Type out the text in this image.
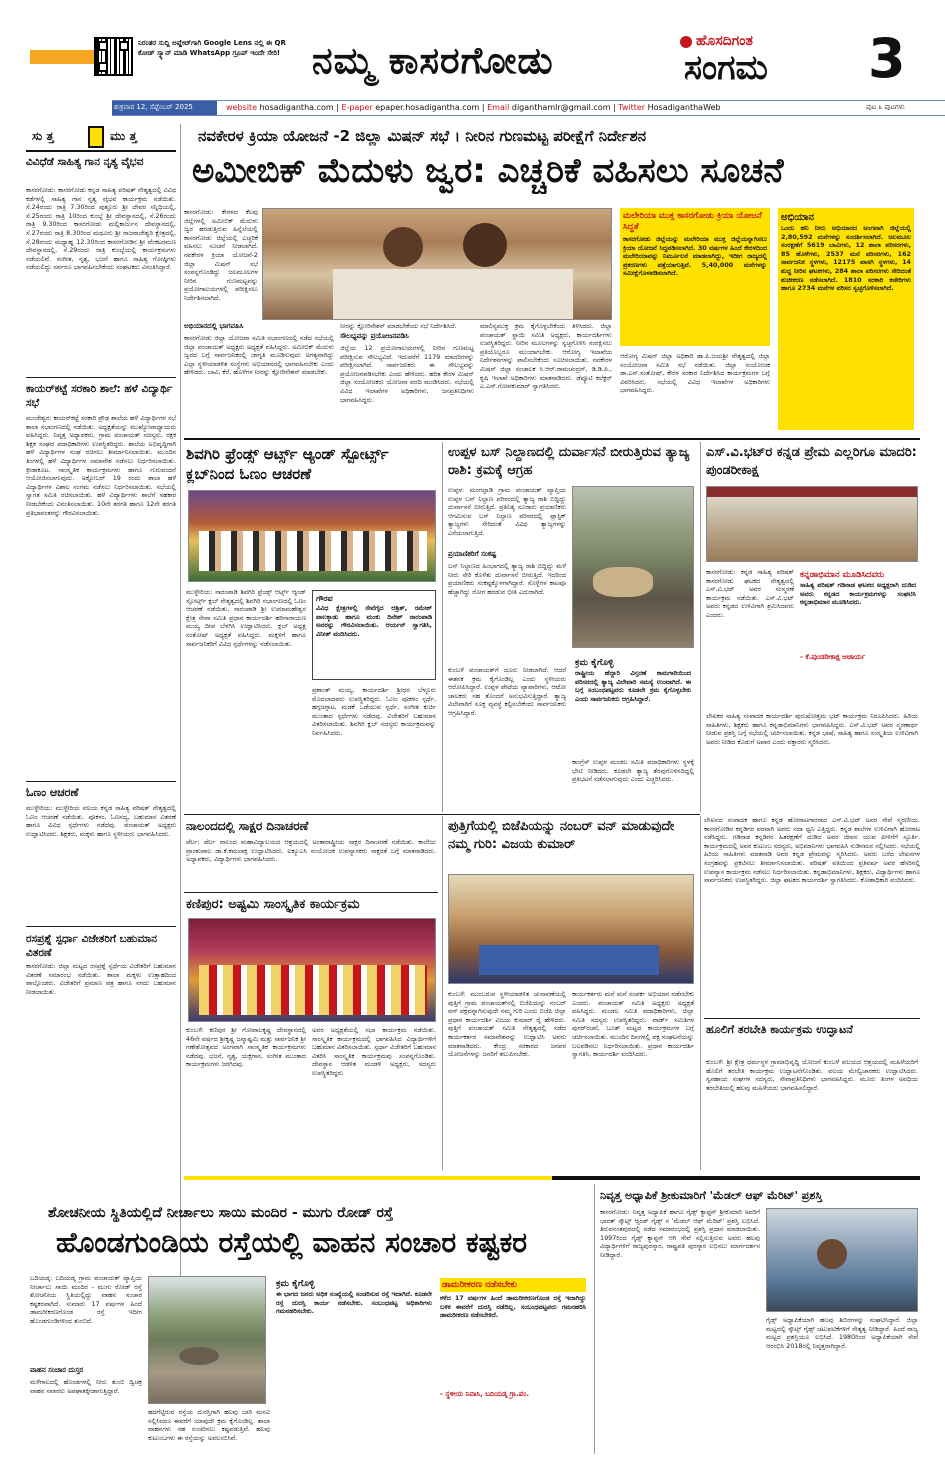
ನಿರಂತರ ಸುದ್ದಿ ಅಪ್ಡೇಟ್‌ಗಾಗಿ Google Lens ನಲ್ಲಿ ಈ QR ಕೋಡ್ ಸ್ಕ್ಯಾನ್ ಮಾಡಿ WhatsApp ಗ್ರೂಪ್ ಇಂದೇ ಸೇರಿ! ನಮ್ಮ ಕಾಸರಗೋಡು	ಹೊಸದಿಗಂತ
ಸಂಗಮ 3
ಶುಕ್ರವಾರ 12, ಸೆಪ್ಟೆಂಬರ್ 2025	website hosadigantha.com | E-paper epaper.hosadigantha.com | Email diganthamlr@gmail.com | Twitter HosadiganthaWeb	ಪುಟ ೩ ಪುಟಗಳು
ಸು ತ್ತ	ಮು ತ್ತ
ವಿವಿಧೆಡೆ ಸಾಹಿತ್ಯ ಗಾನ ನೃತ್ಯ ವೈಭವ
ಕಾಸರಗೋಡು: ಕಾಸರಗೋಡು ಕನ್ನಡ ಸಾಹಿತ್ಯ ಪರಿಷತ್ ನೇತೃತ್ವದಲ್ಲಿ ವಿವಿಧ ಕಡೆಗಳಲ್ಲಿ ಸಾಹಿತ್ಯ ಗಾನ ನೃತ್ಯ ವೈಭವ ಕಾರ್ಯಕ್ರಮ ನಡೆಯಿತು. ಸೆ.24ರಂದು ರಾತ್ರಿ 7.30ರಿಂದ ಪುತ್ತೂರು ಶ್ರೀ ದೇವರ ಸನ್ನಿಧಿಯಲ್ಲಿ, ಸೆ.25ರಂದು ರಾತ್ರಿ 10ರಿಂದ ಕುಂಬ್ಳೆ ಶ್ರೀ ದೇವಸ್ಥಾನದಲ್ಲಿ, ಸೆ.26ರಂದು ರಾತ್ರಿ 9.30ರಿಂದ ಕಾಸರಗೋಡು ಮಲ್ಲಿಕಾರ್ಜುನ ದೇವಸ್ಥಾನದಲ್ಲಿ, ಸೆ.27ರಂದು ರಾತ್ರಿ 8.30ರಿಂದ ಮಧೂರು ಶ್ರೀ ರಾಜರಾಜೇಶ್ವರಿ ಕ್ಷೇತ್ರದಲ್ಲಿ, ಸೆ.28ರಂದು ಮಧ್ಯಾಹ್ನ 12.30ರಿಂದ ಕಾಸರಗೋಡಿನ ಶ್ರೀ ವೆಂಕಟರಮಣ ದೇವಸ್ಥಾನದಲ್ಲಿ, ಸೆ.29ರಂದು ರಾತ್ರಿ ಕುಂಬ್ಳೆಯಲ್ಲಿ ಕಾರ್ಯಕ್ರಮಗಳು ನಡೆಯಲಿವೆ. ಸಂಗೀತ, ನೃತ್ಯ, ಭಜನೆ ಹಾಗೂ ಸಾಹಿತ್ಯ ಗೋಷ್ಠಿಗಳು ನಡೆಯಲಿದ್ದು ಸರ್ವರೂ ಭಾಗವಹಿಸಬೇಕೆಂದು ಸಂಘಟಕರು ವಿನಂತಿಸಿದ್ದಾರೆ.
ಕಾಯರ್‌ಕಟ್ಟೆ ಸರಕಾರಿ ಶಾಲೆ: ಹಳೆ ವಿದ್ಯಾರ್ಥಿ ಸಭೆ
ಮಂಜೇಶ್ವರ: ಕಾಯರ್‌ಕಟ್ಟೆ ಸರಕಾರಿ ಪ್ರೌಢ ಶಾಲೆಯ ಹಳೆ ವಿದ್ಯಾರ್ಥಿಗಳ ಸಭೆ ಶಾಲಾ ಸಭಾಂಗಣದಲ್ಲಿ ನಡೆಯಿತು. ಅಧ್ಯಕ್ಷತೆಯನ್ನು ಮುಖ್ಯೋಪಾಧ್ಯಾಯರು ವಹಿಸಿದ್ದರು. ನಿವೃತ್ತ ಅಧ್ಯಾಪಕರು, ಗ್ರಾಮ ಪಂಚಾಯತ್ ಸದಸ್ಯರು, ರಕ್ಷಕ ಶಿಕ್ಷಕ ಸಂಘದ ಪದಾಧಿಕಾರಿಗಳು ಉಪಸ್ಥಿತರಿದ್ದರು. ಶಾಲೆಯ ಅಭಿವೃದ್ಧಿಗಾಗಿ ಹಳೆ ವಿದ್ಯಾರ್ಥಿಗಳ ಸಂಘ ರಚಿಸಲು ತೀರ್ಮಾನಿಸಲಾಯಿತು. ಮುಂದಿನ ತಿಂಗಳಲ್ಲಿ ಹಳೆ ವಿದ್ಯಾರ್ಥಿಗಳ ಸಮಾವೇಶ ನಡೆಸಲು ನಿರ್ಧರಿಸಲಾಯಿತು. ಕ್ರೀಡಾಕೂಟ, ಸಾಂಸ್ಕೃತಿಕ ಕಾರ್ಯಕ್ರಮಗಳು ಹಾಗೂ ಗುರುವಂದನೆ ಆಯೋಜಿಸಲಾಗುವುದು. ಅಕ್ಟೋಬರ್ 19 ರಂದು ಶಾಲಾ ಹಳೆ ವಿದ್ಯಾರ್ಥಿಗಳ ವಿಶಾಲ ಸಂಗಮ ನಡೆಸಲು ನಿರ್ಧರಿಸಲಾಯಿತು. ಸಭೆಯಲ್ಲಿ ಸ್ವಾಗತ ಸಮಿತಿ ರಚಿಸಲಾಯಿತು. ಹಳೆ ವಿದ್ಯಾರ್ಥಿಗಳು ಶಾಲೆಗೆ ಸಹಕಾರ ನೀಡಬೇಕೆಂದು ವಿನಂತಿಸಲಾಯಿತು. 10ನೇ ತರಗತಿ ಹಾಗೂ 12ನೇ ತರಗತಿ ಪ್ರತಿಭಾವಂತರನ್ನು ಗೌರವಿಸಲಾಯಿತು.
ಓಣಂ ಆಚರಣೆ
ಮುಳ್ಳೇರಿಯ: ಮುಳ್ಳೇರಿಯ ವಲಯ ಕನ್ನಡ ಸಾಹಿತ್ಯ ಪರಿಷತ್ ನೇತೃತ್ವದಲ್ಲಿ ಓಣಂ ಆಚರಣೆ ನಡೆಯಿತು. ಪೂಕಳಂ, ಓಣಸದ್ಯ, ಬಹುಮಾನ ವಿತರಣೆ ಹಾಗೂ ವಿವಿಧ ಸ್ಪರ್ಧೆಗಳು ನಡೆದವು. ಪಂಚಾಯತ್ ಅಧ್ಯಕ್ಷರು ಉದ್ಘಾಟಿಸಿದರು. ಶಿಕ್ಷಕರು, ಮಕ್ಕಳು ಹಾಗೂ ಸ್ಥಳೀಯರು ಭಾಗವಹಿಸಿದರು.
ರಸಪ್ರಶ್ನೆ ಸ್ಪರ್ಧಾ ವಿಜೇತರಿಗೆ ಬಹುಮಾನ ವಿತರಣೆ
ಕಾಸರಗೋಡು: ಜಿಲ್ಲಾ ಮಟ್ಟದ ರಸಪ್ರಶ್ನೆ ಸ್ಪರ್ಧೆಯ ವಿಜೇತರಿಗೆ ಬಹುಮಾನ ವಿತರಣೆ ಸಮಾರಂಭ ನಡೆಯಿತು. ಶಾಲಾ ಮಕ್ಕಳು ಉತ್ಸಾಹದಿಂದ ಪಾಲ್ಗೊಂಡರು. ವಿಜೇತರಿಗೆ ಪ್ರಮಾಣ ಪತ್ರ ಹಾಗೂ ನಗದು ಬಹುಮಾನ ನೀಡಲಾಯಿತು.
ನವಕೇರಳ ಕ್ರಿಯಾ ಯೋಜನೆ -2 ಜಿಲ್ಲಾ ಮಿಷನ್ ಸಭೆ । ನೀರಿನ ಗುಣಮಟ್ಟ ಪರೀಕ್ಷೆಗೆ ನಿರ್ದೇಶನ
ಅಮೀಬಿಕ್ ಮೆದುಳು ಜ್ವರ: ಎಚ್ಚರಿಕೆ ವಹಿಸಲು ಸೂಚನೆ
ಕಾಸರಗೋಡು: ಕೇರಳದ ಕೆಲವು ಜಿಲ್ಲೆಗಳಲ್ಲಿ ಅಮೀಬಿಕ್ ಮೆದುಳು ಜ್ವರ ಹರಡುತ್ತಿರುವ ಹಿನ್ನೆಲೆಯಲ್ಲಿ ಕಾಸರಗೋಡು ಜಿಲ್ಲೆಯಲ್ಲಿ ಎಚ್ಚರಿಕೆ ವಹಿಸಲು ಸೂಚನೆ ನೀಡಲಾಗಿದೆ. ನವಕೇರಳ ಕ್ರಿಯಾ ಯೋಜನೆ-2 ಜಿಲ್ಲಾ ಮಿಷನ್ ಸಭೆ ಸಂಪನ್ನಗೊಂಡಿದ್ದು ಜಲಮೂಲಗಳ ನೀರಿನ ಗುಣಮಟ್ಟವನ್ನು ಪ್ರಯೋಗಾಲಯಗಳಲ್ಲಿ ಪರೀಕ್ಷಿಸಲು ನಿರ್ದೇಶಿಸಲಾಗಿದೆ.
ಅಭಿಯಾನದಲ್ಲಿ ಭಾಗವಹಿಸಿ
ಕಾಸರಗೋಡು ಜಿಲ್ಲಾ ಯೋಜನಾ ಸಮಿತಿ ಸಭಾಂಗಣದಲ್ಲಿ ನಡೆದ ಸಭೆಯಲ್ಲಿ ಜಿಲ್ಲಾ ಪಂಚಾಯತ್ ಅಧ್ಯಕ್ಷರು ಅಧ್ಯಕ್ಷತೆ ವಹಿಸಿದ್ದರು. ಅಮೀಬಿಕ್ ಮೆದುಳು ಜ್ವರದ ಬಗ್ಗೆ ಸಾರ್ವಜನಿಕರಲ್ಲಿ ಜಾಗೃತಿ ಮೂಡಿಸುವುದು ಅಗತ್ಯವಾಗಿದ್ದು ಎಲ್ಲಾ ಸ್ಥಳೀಯಾಡಳಿತ ಸಂಸ್ಥೆಗಳು ಅಭಿಯಾನದಲ್ಲಿ ಭಾಗವಹಿಸಬೇಕು ಎಂದು ಹೇಳಿದರು. ಬಾವಿ, ಕೆರೆ, ಹೊಳೆಗಳ ನೀರನ್ನು ಕ್ಲೋರಿನೇಶನ್ ಮಾಡಬೇಕು.
ನೀರನ್ನು ಕ್ಲೋರಿನೇಶನ್ ಮಾಡಬೇಕೆಂದು ಸಭೆ ನಿರ್ದೇಶಿಸಿದೆ.
ಸೌಲಭ್ಯವನ್ನು ಪ್ರಯೋಜನಪಡಿಸಿ
ಜಿಲ್ಲೆಯ 12 ಪ್ರಯೋಗಾಲಯಗಳಲ್ಲಿ ನೀರಿನ ಗುಣಮಟ್ಟ ಪರೀಕ್ಷಿಸುವ ಸೌಲಭ್ಯವಿದೆ. ಇದುವರೆಗೆ 1179 ಮಾದರಿಗಳನ್ನು ಪರೀಕ್ಷಿಸಲಾಗಿದೆ. ಸಾರ್ವಜನಿಕರು ಈ ಸೌಲಭ್ಯವನ್ನು ಪ್ರಯೋಜನಪಡಿಸಬೇಕು ಎಂದು ಹೇಳಿದರು. ಹರಿತ ಕೇರಳ ಮಿಷನ್ ಜಿಲ್ಲಾ ಸಂಯೋಜಕರು ಯೋಜನಾ ವರದಿ ಮಂಡಿಸಿದರು. ಸಭೆಯಲ್ಲಿ ವಿವಿಧ ಇಲಾಖೆಗಳ ಅಧಿಕಾರಿಗಳು, ಜನಪ್ರತಿನಿಧಿಗಳು ಭಾಗವಹಿಸಿದ್ದರು.
ಮಾಲಿನ್ಯಮುಕ್ತ ಕ್ರಮ ಕೈಗೊಳ್ಳಬೇಕೆಂದು ತಿಳಿಸಿದರು. ಜಿಲ್ಲಾ ಪಂಚಾಯತ್ ಸ್ಥಾಯಿ ಸಮಿತಿ ಅಧ್ಯಕ್ಷರು, ಕಾರ್ಯದರ್ಶಿಗಳು ಉಪಸ್ಥಿತರಿದ್ದರು. ನೀರಿನ ಮೂಲಗಳನ್ನು ಸ್ವಚ್ಛಗೊಳಿಸಿ ಸಂರಕ್ಷಿಸಲು ಪ್ರತಿಯೊಬ್ಬರೂ ಮುಂದಾಗಬೇಕು. ಆರೋಗ್ಯ ಇಲಾಖೆಯ ನಿರ್ದೇಶನಗಳನ್ನು ಪಾಲಿಸಬೇಕೆಂದು ಸೂಚಿಸಲಾಯಿತು. ನವಕೇರಳ ಮಿಷನ್ ಜಿಲ್ಲಾ ಸಂಚಾಲಕ ಸಿ.ಆರ್.ರಾಮಚಂದ್ರನ್, ಡಿ.ಡಿ.ಪಿ., ಕೃಷಿ ಇಲಾಖೆ ಅಧಿಕಾರಿಗಳು ಮಾತನಾಡಿದರು. ಡೆಪ್ಯೂಟಿ ಕಲೆಕ್ಟರ್ ಎ.ಎನ್.ಗೋಪಕುಮಾರ್ ಸ್ವಾಗತಿಸಿದರು.
ಮಲೇರಿಯಾ ಮುಕ್ತ ಕಾಸರಗೋಡು ಕ್ರಿಯಾ ಯೋಜನೆ ಸಿದ್ಧತೆ
ಕಾಸರಗೋಡು ಜಿಲ್ಲೆಯನ್ನು ಮಲೇರಿಯಾ ಮುಕ್ತ ಜಿಲ್ಲೆಯನ್ನಾಗಿಸಲು ಕ್ರಿಯಾ ಯೋಜನೆ ಸಿದ್ಧಪಡಿಸಲಾಗಿದೆ. 30 ವರ್ಷಗಳ ಹಿಂದೆ ಕೇರಳದಿಂದ ಮಲೇರಿಯಾವನ್ನು ನಿರ್ಮೂಲನೆ ಮಾಡಲಾಗಿದ್ದು, ಇದೀಗ ರಾಜ್ಯದಲ್ಲಿ ಪ್ರಕರಣಗಳು ಪತ್ತೆಯಾಗುತ್ತಿವೆ. 5,40,000 ಮನೆಗಳನ್ನು ಸಮೀಕ್ಷೆಗೊಳಪಡಿಸಲಾಗಿದೆ.
ಆರೋಗ್ಯ ಮಿಷನ್ ಜಿಲ್ಲಾ ಅಧಿಕಾರಿ ಡಾ.ಪಿ.ಜಯಶ್ರೀ ನೇತೃತ್ವದಲ್ಲಿ ಜಿಲ್ಲಾ ಸಂಯೋಜನಾ ಸಮಿತಿ ಸಭೆ ನಡೆಯಿತು. ಜಿಲ್ಲಾ ಸಂಯೋಜಕ ಡಾ.ಎಸ್.ಸಂತೋಷ್, ಕೇರಳ ಸರಕಾರ ನಿರ್ದೇಶಿಸಿದ ಕಾರ್ಯಕ್ರಮಗಳ ಬಗ್ಗೆ ವಿವರಿಸಿದರು. ಸಭೆಯಲ್ಲಿ ವಿವಿಧ ಇಲಾಖೆಗಳ ಅಧಿಕಾರಿಗಳು ಭಾಗವಹಿಸಿದ್ದರು.
ಅಭಿಯಾನ
ಒಂದು ಹನಿ ನೀರು ಅಭಿಯಾನದ ಅಂಗವಾಗಿ ಜಿಲ್ಲೆಯಲ್ಲಿ 2,80,592 ಮನೆಗಳನ್ನು ಸಂದರ್ಶಿಸಲಾಗಿದೆ. ಜಲಮೂಲ ಸಂರಕ್ಷಣೆಗೆ 5619 ಬಾವಿಗಳು, 12 ಶಾಲಾ ಪರಿಸರಗಳು, 85 ಹೊಳೆಗಳು, 2537 ಮನೆ ಪರಿಸರಗಳು, 162 ಸಾರ್ವಜನಿಕ ಸ್ಥಳಗಳು, 12175 ಖಾಸಗಿ ಸ್ಥಳಗಳು, 14 ಶುದ್ಧ ನೀರಿನ ಘಟಕಗಳು, 284 ಶಾಲಾ ಪರಿಸರಗಳು ಸೇರಿದಂತೆ ಶುಚೀಕರಣ ನಡೆಸಲಾಗಿದೆ. 1810 ಸರಕಾರಿ ಕಚೇರಿಗಳು ಹಾಗೂ 2734 ಮನೆಗಳ ಪರಿಸರ ಸ್ವಚ್ಛಗೊಳಿಸಲಾಗಿದೆ.
ಶಿವಗಿರಿ ಫ್ರೆಂಡ್ಸ್ ಆರ್ಟ್ಸ್ ಆ್ಯಂಡ್ ಸ್ಪೋರ್ಟ್ಸ್ ಕ್ಲಬ್‌ನಿಂದ ಓಣಂ ಆಚರಣೆ
ಮುಳ್ಳೇರಿಯ: ನಾರಂಪಾಡಿ ಶಿವಗಿರಿ ಫ್ರೆಂಡ್ಸ್ ಆರ್ಟ್ಸ್ ಆ್ಯಂಡ್ ಸ್ಪೋರ್ಟ್ಸ್ ಕ್ಲಬ್ ನೇತೃತ್ವದಲ್ಲಿ ಶಿವಗಿರಿ ಸಭಾಂಗಣದಲ್ಲಿ ಓಣಂ ಆಚರಣೆ ನಡೆಯಿತು. ನಾರಂಪಾಡಿ ಶ್ರೀ ಉಮಾಮಹೇಶ್ವರ ಕ್ಷೇತ್ರ ಸೇವಾ ಸಮಿತಿ ಪ್ರಧಾನ ಕಾರ್ಯದರ್ಶಿ ಹರಿನಾರಾಯಣ ಮಯ್ಯ ದೀಪ ಬೆಳಗಿಸಿ ಉದ್ಘಾಟಿಸಿದರು. ಕ್ಲಬ್ ಅಧ್ಯಕ್ಷ ಸಂತೋಷ್ ಅಧ್ಯಕ್ಷತೆ ವಹಿಸಿದ್ದರು. ಮಕ್ಕಳಿಗೆ ಹಾಗೂ ಸಾರ್ವಜನಿಕರಿಗೆ ವಿವಿಧ ಸ್ಪರ್ಧೆಗಳನ್ನು ನಡೆಸಲಾಯಿತು.
ಗೌರವ
ವಿವಿಧ ಕ್ಷೇತ್ರಗಳಲ್ಲಿ ಸೇವೆಗೈದ ಆಶ್ರಿತ್, ರಮೇಶ್ ಪಾಲಕ್ಕಾಡು ಹಾಗೂ ಮಂಕು ದಿನೇಶ್ ನಾರಂಪಾಡಿ ಅವರನ್ನು ಗೌರವಿಸಲಾಯಿತು. ಆರ್ಯನ್ ಸ್ವಾಗತಿಸಿ, ವಿನೀತ್ ವಂದಿಸಿದರು.
ಪ್ರಶಾಂತ್ ಮಯ್ಯ, ಕಾರ್ಯದರ್ಶಿ ಶ್ರೀಧರ ಬೆಳ್ಳೂರು ಮೊದಲಾದವರು ಉಪಸ್ಥಿತರಿದ್ದರು. ಓಣಂ ಪೂಕಳಂ ಸ್ಪರ್ಧೆ, ಹಗ್ಗಜಗ್ಗಾಟ, ಮಡಕೆ ಒಡೆಯುವ ಸ್ಪರ್ಧೆ, ಸಂಗೀತ ಕುರ್ಚಿ ಮುಂತಾದ ಸ್ಪರ್ಧೆಗಳು ನಡೆದವು. ವಿಜೇತರಿಗೆ ಬಹುಮಾನ ವಿತರಿಸಲಾಯಿತು. ಶಿವಗಿರಿ ಕ್ಲಬ್ ಸದಸ್ಯರು ಕಾರ್ಯಕ್ರಮವನ್ನು ನಿರ್ವಹಿಸಿದರು.
ಉಪ್ಪಳ ಬಸ್ ನಿಲ್ದಾಣದಲ್ಲಿ ದುರ್ವಾಸನೆ ಬೀರುತ್ತಿರುವ ತ್ಯಾಜ್ಯ ರಾಶಿ: ಕ್ರಮಕ್ಕೆ ಆಗ್ರಹ
ಉಪ್ಪಳ: ಮಂಗಲ್ಪಾಡಿ ಗ್ರಾಮ ಪಂಚಾಯತ್ ವ್ಯಾಪ್ತಿಯ ಉಪ್ಪಳ ಬಸ್ ನಿಲ್ದಾಣ ಪರಿಸರದಲ್ಲಿ ತ್ಯಾಜ್ಯ ರಾಶಿ ಬಿದ್ದಿದ್ದು ದುರ್ವಾಸನೆ ಬೀರುತ್ತಿದೆ. ಪ್ರತಿನಿತ್ಯ ನೂರಾರು ಪ್ರಯಾಣಿಕರು ಆಗಮಿಸುವ ಬಸ್ ನಿಲ್ದಾಣ ಪರಿಸರದಲ್ಲಿ ಪ್ಲಾಸ್ಟಿಕ್ ತ್ಯಾಜ್ಯಗಳು ಸೇರಿದಂತೆ ವಿವಿಧ ತ್ಯಾಜ್ಯಗಳನ್ನು ಎಸೆಯಲಾಗುತ್ತಿದೆ.
ಪ್ರಯಾಣಿಕರಿಗೆ ಸಂಕಷ್ಟ
ಬಸ್ ನಿಲ್ದಾಣದ ಹಿಂಭಾಗದಲ್ಲಿ ತ್ಯಾಜ್ಯ ರಾಶಿ ಬಿದ್ದಿದ್ದು ಮಳೆ ನೀರು ಸೇರಿ ಕೊಳೆತು ದುರ್ವಾಸನೆ ಬೀರುತ್ತಿದೆ. ಇದರಿಂದ ಪ್ರಯಾಣಿಕರು ಸಂಕಷ್ಟಕ್ಕೊಳಗಾಗಿದ್ದಾರೆ. ಸೊಳ್ಳೆಗಳ ಕಾಟವೂ ಹೆಚ್ಚಾಗಿದ್ದು ರೋಗ ಹರಡುವ ಭೀತಿ ಎದುರಾಗಿದೆ.
ಕುಂಬಳೆ ಪಂಚಾಯತ್‌ಗೆ ದೂರು ನೀಡಲಾಗಿದೆ. ಆದರೆ ಈತನಕ ಕ್ರಮ ಕೈಗೊಂಡಿಲ್ಲ ಎಂದು ಸ್ಥಳೀಯರು ಆರೋಪಿಸಿದ್ದಾರೆ. ಉಪ್ಪಳ ಪೇಟೆಯ ವ್ಯಾಪಾರಿಗಳು, ಆಟೋ ಚಾಲಕರು ಸಹ ತೊಂದರೆ ಅನುಭವಿಸುತ್ತಿದ್ದಾರೆ. ತ್ಯಾಜ್ಯ ವಿಲೇವಾರಿಗೆ ಸೂಕ್ತ ವ್ಯವಸ್ಥೆ ಕಲ್ಪಿಸಬೇಕೆಂದು ಸಾರ್ವಜನಿಕರು ಆಗ್ರಹಿಸಿದ್ದಾರೆ.
ಕ್ರಮ ಕೈಗೊಳ್ಳಿ
ರಾಷ್ಟ್ರೀಯ ಹೆದ್ದಾರಿ ವಿಸ್ತರಣೆ ಕಾಮಗಾರಿಯಿಂದ ಪರಿಸರದಲ್ಲಿ ತ್ಯಾಜ್ಯ ವಿಲೇವಾರಿ ಸಮಸ್ಯೆ ಉಂಟಾಗಿದೆ. ಈ ಬಗ್ಗೆ ಸಂಬಂಧಪಟ್ಟವರು ಕೂಡಲೇ ಕ್ರಮ ಕೈಗೊಳ್ಳಬೇಕು ಎಂದು ಸಾರ್ವಜನಿಕರು ಆಗ್ರಹಿಸಿದ್ದಾರೆ.
ಕಾಂಗ್ರೆಸ್‌ ಉಪ್ಪಳ ಮಂಡಲ ಸಮಿತಿ ಪದಾಧಿಕಾರಿಗಳು ಸ್ಥಳಕ್ಕೆ ಭೇಟಿ ನೀಡಿದರು. ಕೂಡಲೇ ತ್ಯಾಜ್ಯ ತೆರವುಗೊಳಿಸದಿದ್ದಲ್ಲಿ ಪ್ರತಿಭಟನೆ ನಡೆಸಲಾಗುವುದು ಎಂದು ಎಚ್ಚರಿಸಿದರು.
ಎಸ್.ವಿ.ಭಟ್‌ರ ಕನ್ನಡ ಪ್ರೇಮ ಎಲ್ಲರಿಗೂ ಮಾದರಿ: ಪುಂಡರೀಕಾಕ್ಷ
ಕಾಸರಗೋಡು: ಕನ್ನಡ ಸಾಹಿತ್ಯ ಪರಿಷತ್ ಕಾಸರಗೋಡು ಘಟಕದ ನೇತೃತ್ವದಲ್ಲಿ ಎಸ್.ವಿ.ಭಟ್ ಅವರ ಸಂಸ್ಮರಣೆ ಕಾರ್ಯಕ್ರಮ ನಡೆಯಿತು. ಎಸ್.ವಿ.ಭಟ್ ಅವರು ಕನ್ನಡದ ಉಳಿವಿಗಾಗಿ ಶ್ರಮಿಸಿದವರು ಎಂದರು.
ಕನ್ನಡಾಭಿಮಾನ ಮೂಡಿಸಿದವರು
ಸಾಹಿತ್ಯ ಪರಿಷತ್ ಗಡಿನಾಡ ಘಟಕದ ಅಧ್ಯಕ್ಷರಾಗಿ ದುಡಿದ ಅವರು ಕನ್ನಡದ ಕಾರ್ಯಕ್ರಮಗಳನ್ನು ಸಂಘಟಿಸಿ ಕನ್ನಡಾಭಿಮಾನ ಮೂಡಿಸಿದರು.
- ಕೆ.ಪುಂಡರೀಕಾಕ್ಷ ಆಚಾರ್ಯ
ಲೇಖಕರ ಸಾಹಿತ್ಯ ಸಂಪಾದಕ ಕಾರ್ಯದರ್ಶಿ ಪುರುಷೋತ್ತಮ ಭಟ್ ಕಾರ್ಯಕ್ರಮ ನಿರೂಪಿಸಿದರು. ಹಿರಿಯ ಸಾಹಿತಿಗಳು, ಶಿಕ್ಷಕರು ಹಾಗೂ ಕನ್ನಡಾಭಿಮಾನಿಗಳು ಭಾಗವಹಿಸಿದ್ದರು. ಎಸ್.ವಿ.ಭಟ್ ಅವರ ಸ್ಮರಣಾರ್ಥ ನೀಡುವ ಪ್ರಶಸ್ತಿ ಬಗ್ಗೆ ಸಭೆಯಲ್ಲಿ ಚರ್ಚಿಸಲಾಯಿತು. ಕನ್ನಡ ಭಾಷೆ, ಸಾಹಿತ್ಯ ಹಾಗೂ ಸಂಸ್ಕೃತಿಯ ಉಳಿವಿಗಾಗಿ ಅವರು ನೀಡಿದ ಕೊಡುಗೆ ಅಪಾರ ಎಂದು ವಕ್ತಾರರು ಸ್ಮರಿಸಿದರು.
ನಾಲಂದದಲ್ಲಿ ಸಾಕ್ಷರ ದಿನಾಚರಣೆ
ಪೆರ್ಲ: ಪೆರ್ಲ ನಾಲಂದ ಮಹಾವಿದ್ಯಾಲಯದ ಆಶ್ರಯದಲ್ಲಿ ಅಂತಾರಾಷ್ಟ್ರೀಯ ಸಾಕ್ಷರ ದಿನಾಚರಣೆ ನಡೆಯಿತು. ಕಾಲೇಜು ಪ್ರಾಂಶುಪಾಲ ಡಾ.ಕೆ.ಕಮಲಾಕ್ಷ ಉದ್ಘಾಟಿಸಿದರು. ಐಕ್ಯೂಎಸಿ ಸಂಯೋಜಕ ಉಪನ್ಯಾಸಕರು ಸಾಕ್ಷರತೆ ಬಗ್ಗೆ ಮಾತನಾಡಿದರು. ಅಧ್ಯಾಪಕರು, ವಿದ್ಯಾರ್ಥಿಗಳು ಭಾಗವಹಿಸಿದರು.
ಕಣಿಪುರ: ಅಷ್ಟಮಿ ಸಾಂಸ್ಕೃತಿಕ ಕಾರ್ಯಕ್ರಮ
ಕುಂಬಳೆ: ಕಣಿಪುರ ಶ್ರೀ ಗೋಪಾಲಕೃಷ್ಣ ದೇವಸ್ಥಾನದಲ್ಲಿ 46ನೇ ವರ್ಷದ ಶ್ರೀಕೃಷ್ಣ ಜನ್ಮಾಷ್ಟಮಿ ಮತ್ತು ಸಾರ್ವಜನಿಕ ಶ್ರೀ ಗಣೇಶೋತ್ಸವದ ಅಂಗವಾಗಿ ಸಾಂಸ್ಕೃತಿಕ ಕಾರ್ಯಕ್ರಮಗಳು ನಡೆದವು. ಭಜನೆ, ನೃತ್ಯ, ಯಕ್ಷಗಾನ, ಸಂಗೀತ ಮುಂತಾದ ಕಾರ್ಯಕ್ರಮಗಳು ಜರಗಿದವು.
ಅವರ ಅಧ್ಯಕ್ಷತೆಯಲ್ಲಿ ಸಭಾ ಕಾರ್ಯಕ್ರಮ ನಡೆಯಿತು. ಸಾಂಸ್ಕೃತಿಕ ಕಾರ್ಯಕ್ರಮದಲ್ಲಿ ಭಾಗವಹಿಸಿದ ವಿದ್ಯಾರ್ಥಿಗಳಿಗೆ ಬಹುಮಾನ ವಿತರಿಸಲಾಯಿತು. ಸ್ಪರ್ಧಾ ವಿಜೇತರಿಗೆ ಬಹುಮಾನ ವಿತರಿಸಿ ಸಾಂಸ್ಕೃತಿಕ ಕಾರ್ಯಕ್ರಮವು ಸಂಪನ್ನಗೊಂಡಿತು. ದೇವಸ್ಥಾನ ಆಡಳಿತ ಮಂಡಳಿ ಅಧ್ಯಕ್ಷರು, ಸದಸ್ಯರು ಉಪಸ್ಥಿತರಿದ್ದರು.
ಪುತ್ತಿಗೆಯಲ್ಲಿ ಬಿಜೆಪಿಯನ್ನು ನಂಬರ್ ವನ್ ಮಾಡುವುದೇ ನಮ್ಮ ಗುರಿ: ವಿಜಯ ಕುಮಾರ್
ಕುಂಬಳೆ: ಮುಂಬರುವ ಸ್ಥಳೀಯಾಡಳಿತ ಚುನಾವಣೆಯಲ್ಲಿ ಪುತ್ತಿಗೆ ಗ್ರಾಮ ಪಂಚಾಯತ್‌ನಲ್ಲಿ ಬಿಜೆಪಿಯನ್ನು ನಂಬರ್ ವನ್ ಪಕ್ಷವನ್ನಾಗಿಸುವುದೇ ನಮ್ಮ ಗುರಿ ಎಂದು ಬಿಜೆಪಿ ಜಿಲ್ಲಾ ಪ್ರಧಾನ ಕಾರ್ಯದರ್ಶಿ ವಿಜಯ ಕುಮಾರ್ ರೈ ಹೇಳಿದರು. ಪುತ್ತಿಗೆ ಪಂಚಾಯತ್ ಸಮಿತಿ ನೇತೃತ್ವದಲ್ಲಿ ನಡೆದ ಕಾರ್ಯಕರ್ತರ ಸಮಾವೇಶವನ್ನು ಉದ್ಘಾಟಿಸಿ ಅವರು ಮಾತನಾಡಿದರು. ಕೇಂದ್ರ ಸರಕಾರದ ಜನಪರ ಯೋಜನೆಗಳನ್ನು ಜನರಿಗೆ ತಲುಪಿಸಬೇಕು.
ಕಾರ್ಯಕರ್ತರು ಮನೆ ಮನೆ ಸಂಪರ್ಕ ಅಭಿಯಾನ ನಡೆಸಬೇಕು ಎಂದರು. ಪಂಚಾಯತ್ ಸಮಿತಿ ಅಧ್ಯಕ್ಷರು ಅಧ್ಯಕ್ಷತೆ ವಹಿಸಿದ್ದರು. ಮಂಡಲ ಸಮಿತಿ ಪದಾಧಿಕಾರಿಗಳು, ಜಿಲ್ಲಾ ಸಮಿತಿ ಸದಸ್ಯರು ಉಪಸ್ಥಿತರಿದ್ದರು. ವಾರ್ಡ್ ಸಮಿತಿಗಳ ಪುನರ್‌ರಚನೆ, ಬೂತ್ ಮಟ್ಟದ ಕಾರ್ಯಕ್ರಮಗಳ ಬಗ್ಗೆ ಚರ್ಚಿಸಲಾಯಿತು. ಮುಂದಿನ ದಿನಗಳಲ್ಲಿ ಪಕ್ಷ ಸಂಘಟನೆಯನ್ನು ಬಲಪಡಿಸಲು ನಿರ್ಧರಿಸಲಾಯಿತು. ಪ್ರಧಾನ ಕಾರ್ಯದರ್ಶಿ ಸ್ವಾಗತಿಸಿ, ಕಾರ್ಯದರ್ಶಿ ವಂದಿಸಿದರು.
ಲೇಖನದ ಸಂಪಾದಕ ಹಾಗೂ ಕನ್ನಡ ಹೋರಾಟಗಾರರಾದ ಎಸ್.ವಿ.ಭಟ್ ಅವರ ಸೇವೆ ಸ್ಮರಣೀಯ. ಕಾಸರಗೋಡಿನ ಕನ್ನಡಿಗರ ಪರವಾಗಿ ಅವರು ಸದಾ ಧ್ವನಿ ಎತ್ತಿದ್ದರು. ಕನ್ನಡ ಶಾಲೆಗಳ ಉಳಿವಿಗಾಗಿ ಹೋರಾಟ ನಡೆಸಿದ್ದರು. ಗಡಿನಾಡ ಕನ್ನಡಿಗರ ಹಿತರಕ್ಷಣೆಗೆ ದುಡಿದ ಅವರ ಜೀವನ ಯುವ ಪೀಳಿಗೆಗೆ ಸ್ಫೂರ್ತಿ. ಕಾರ್ಯಕ್ರಮದಲ್ಲಿ ಅವರ ಕುಟುಂಬ ಸದಸ್ಯರು, ಅಭಿಮಾನಿಗಳು ಭಾಗವಹಿಸಿ ನುಡಿನಮನ ಸಲ್ಲಿಸಿದರು. ಸಭೆಯಲ್ಲಿ ಹಿರಿಯ ಸಾಹಿತಿಗಳು ಮಾತನಾಡಿ ಅವರ ಕನ್ನಡ ಪ್ರೇಮವನ್ನು ಸ್ಮರಿಸಿದರು. ಅವರು ಬರೆದ ಲೇಖನಗಳ ಸಂಗ್ರಹವನ್ನು ಪ್ರಕಟಿಸಲು ತೀರ್ಮಾನಿಸಲಾಯಿತು. ಪರಿಷತ್ ವತಿಯಿಂದ ಪ್ರತಿವರ್ಷ ಅವರ ಹೆಸರಿನಲ್ಲಿ ಉಪನ್ಯಾಸ ಕಾರ್ಯಕ್ರಮ ನಡೆಸಲು ನಿರ್ಧರಿಸಲಾಯಿತು. ಕನ್ನಡಾಭಿಮಾನಿಗಳು, ಶಿಕ್ಷಕರು, ವಿದ್ಯಾರ್ಥಿಗಳು ಹಾಗೂ ಸಾರ್ವಜನಿಕರು ಉಪಸ್ಥಿತರಿದ್ದರು. ಜಿಲ್ಲಾ ಘಟಕದ ಕಾರ್ಯದರ್ಶಿ ಸ್ವಾಗತಿಸಿದರು. ಕೋಶಾಧಿಕಾರಿ ವಂದಿಸಿದರು.
ಹೂಲಿಗೆ ತರಬೇತಿ ಕಾರ್ಯಕ್ರಮ ಉದ್ಘಾಟನೆ
ಕುಂಬಳೆ: ಶ್ರೀ ಕ್ಷೇತ್ರ ಧರ್ಮಸ್ಥಳ ಗ್ರಾಮಾಭಿವೃದ್ಧಿ ಯೋಜನೆ ಕುಂಬಳೆ ವಲಯದ ಆಶ್ರಯದಲ್ಲಿ ಮಹಿಳೆಯರಿಗೆ ಹೊಲಿಗೆ ತರಬೇತಿ ಕಾರ್ಯಕ್ರಮ ಉದ್ಘಾಟನೆಗೊಂಡಿತು. ವಲಯ ಮೇಲ್ವಿಚಾರಕರು ಉದ್ಘಾಟಿಸಿದರು. ಸ್ವಸಹಾಯ ಸಂಘಗಳ ಸದಸ್ಯರು, ಸೇವಾಪ್ರತಿನಿಧಿಗಳು ಭಾಗವಹಿಸಿದ್ದರು. ಮೂರು ತಿಂಗಳ ಅವಧಿಯ ತರಬೇತಿಯಲ್ಲಿ ಹಲವು ಮಹಿಳೆಯರು ಭಾಗವಹಿಸಲಿದ್ದಾರೆ.
ಶೋಚನೀಯ ಸ್ಥಿತಿಯಲ್ಲಿದೆ ನೀರ್ಚಾಲು ಸಾಯಿ ಮಂದಿರ - ಮುಗು ರೋಡ್ ರಸ್ತೆ
ಹೊಂಡಗುಂಡಿಯ ರಸ್ತೆಯಲ್ಲಿ ವಾಹನ ಸಂಚಾರ ಕಷ್ಟಕರ
ಬದಿಯಡ್ಕ: ಬದಿಯಡ್ಕ ಗ್ರಾಮ ಪಂಚಾಯತ್ ವ್ಯಾಪ್ತಿಯ ನೀರ್ಚಾಲು ಸಾಯಿ ಮಂದಿರ - ಮುಗು ರೋಡ್ ರಸ್ತೆ ಶೋಚನೀಯ ಸ್ಥಿತಿಯಲ್ಲಿದ್ದು ವಾಹನ ಸಂಚಾರ ಕಷ್ಟಕರವಾಗಿದೆ. ಸುಮಾರು 17 ವರ್ಷಗಳ ಹಿಂದೆ ಡಾಮರೀಕರಣಗೊಂಡ ರಸ್ತೆ ಇದೀಗ ಹೊಂಡಗುಂಡಿಗಳಿಂದ ತುಂಬಿದೆ.
ವಾಹನ ಸಂಚಾರ ದುಸ್ತರ
ಮಳೆಗಾಲದಲ್ಲಿ ಹೊಂಡಗಳಲ್ಲಿ ನೀರು ತುಂಬಿ ದ್ವಿಚಕ್ರ ವಾಹನ ಸವಾರರು ಅಪಘಾತಕ್ಕೀಡಾಗುತ್ತಿದ್ದಾರೆ.
ಹದಗೆಟ್ಟಿರುವ ರಸ್ತೆಯ ದುರಸ್ತಿಗಾಗಿ ಹಲವು ಬಾರಿ ಮನವಿ ಸಲ್ಲಿಸಿದರೂ ಈವರೆಗೆ ಯಾವುದೇ ಕ್ರಮ ಕೈಗೊಂಡಿಲ್ಲ. ಶಾಲಾ ವಾಹನಗಳು ಸಹ ಸಂಚರಿಸಲು ಕಷ್ಟಪಡುತ್ತಿವೆ. ಹಲವು ಕುಟುಂಬಗಳು ಈ ರಸ್ತೆಯನ್ನು ಅವಲಂಬಿಸಿವೆ.
ಕ್ರಮ ಕೈಗೊಳ್ಳಿ
ಈ ಭಾಗದ ಜನರು ಅಧಿಕ ಸಂಖ್ಯೆಯಲ್ಲಿ ಸಂಚರಿಸುವ ರಸ್ತೆ ಇದಾಗಿದೆ. ಕೂಡಲೇ ರಸ್ತೆ ದುರಸ್ತಿ ಕಾರ್ಯ ನಡೆಸಬೇಕು. ಸಂಬಂಧಪಟ್ಟ ಅಧಿಕಾರಿಗಳು ಗಮನಹರಿಸಬೇಕು.
ಡಾಮರೀಕರಣ ನಡೆಸಬೇಕು
ಕಳೆದ 17 ವರ್ಷಗಳ ಹಿಂದೆ ಡಾಮರೀಕರಣಗೊಂಡ ರಸ್ತೆ ಇದಾಗಿದ್ದು ಬಳಿಕ ಈವರೆಗೆ ದುರಸ್ತಿ ನಡೆದಿಲ್ಲ. ಸಂಬಂಧಪಟ್ಟವರು ಗಮನಹರಿಸಿ ಡಾಮರೀಕರಣ ನಡೆಸಬೇಕಿದೆ.
- ಸ್ಥಳೀಯ ನಿವಾಸಿ, ಬದಿಯಡ್ಕ ಗ್ರಾ.ಪಂ.
ನಿವೃತ್ತ ಅಧ್ಯಾಪಿಕೆ ಶ್ರೀಕುಮಾರಿಗೆ 'ಮೆಡಲ್ ಆಫ್ ಮೆರಿಟ್' ಪ್ರಶಸ್ತಿ
ಕಾಸರಗೋಡು: ನಿವೃತ್ತ ಅಧ್ಯಾಪಿಕೆ ಹಾಗೂ ಗೈಡ್ಸ್ ಕ್ಯಾಪ್ಟನ್ ಶ್ರೀಕುಮಾರಿ ಅವರಿಗೆ ಭಾರತ್ ಸ್ಕೌಟ್ಸ್ ಆ್ಯಂಡ್ ಗೈಡ್ಸ್ ನ 'ಮೆಡಲ್ ಆಫ್ ಮೆರಿಟ್' ಪ್ರಶಸ್ತಿ ಲಭಿಸಿದೆ. ತಿರುವನಂತಪುರದಲ್ಲಿ ನಡೆದ ಸಮಾರಂಭದಲ್ಲಿ ಪ್ರಶಸ್ತಿ ಪ್ರದಾನ ಮಾಡಲಾಯಿತು. 1997ರಿಂದ ಗೈಡ್ಸ್ ಕ್ಯಾಪ್ಟನ್ ಆಗಿ ಸೇವೆ ಸಲ್ಲಿಸುತ್ತಿರುವ ಅವರು ಹಲವು ವಿದ್ಯಾರ್ಥಿಗಳಿಗೆ ರಾಜ್ಯಪುರಸ್ಕಾರ, ರಾಷ್ಟ್ರಪತಿ ಪುರಸ್ಕಾರ ಲಭಿಸಲು ಮಾರ್ಗದರ್ಶನ ನೀಡಿದ್ದಾರೆ.
ಗೈಡ್ಸ್ ಅಧ್ಯಾಪಿಕೆಯಾಗಿ ಹಲವು ಶಿಬಿರಗಳನ್ನು ಸಂಘಟಿಸಿದ್ದಾರೆ. ಜಿಲ್ಲಾ ಮಟ್ಟದಲ್ಲಿ ಸ್ಕೌಟ್ಸ್ ಗೈಡ್ಸ್ ಚಟುವಟಿಕೆಗಳಿಗೆ ನೇತೃತ್ವ ನೀಡಿದ್ದಾರೆ. ಹಿಂದೆ ರಾಜ್ಯ ಮಟ್ಟದ ಪ್ರಶಸ್ತಿಯೂ ಲಭಿಸಿದೆ. 1980ರಿಂದ ಅಧ್ಯಾಪಿಕೆಯಾಗಿ ಸೇವೆ ಆರಂಭಿಸಿ 2018ರಲ್ಲಿ ನಿವೃತ್ತರಾಗಿದ್ದಾರೆ.
